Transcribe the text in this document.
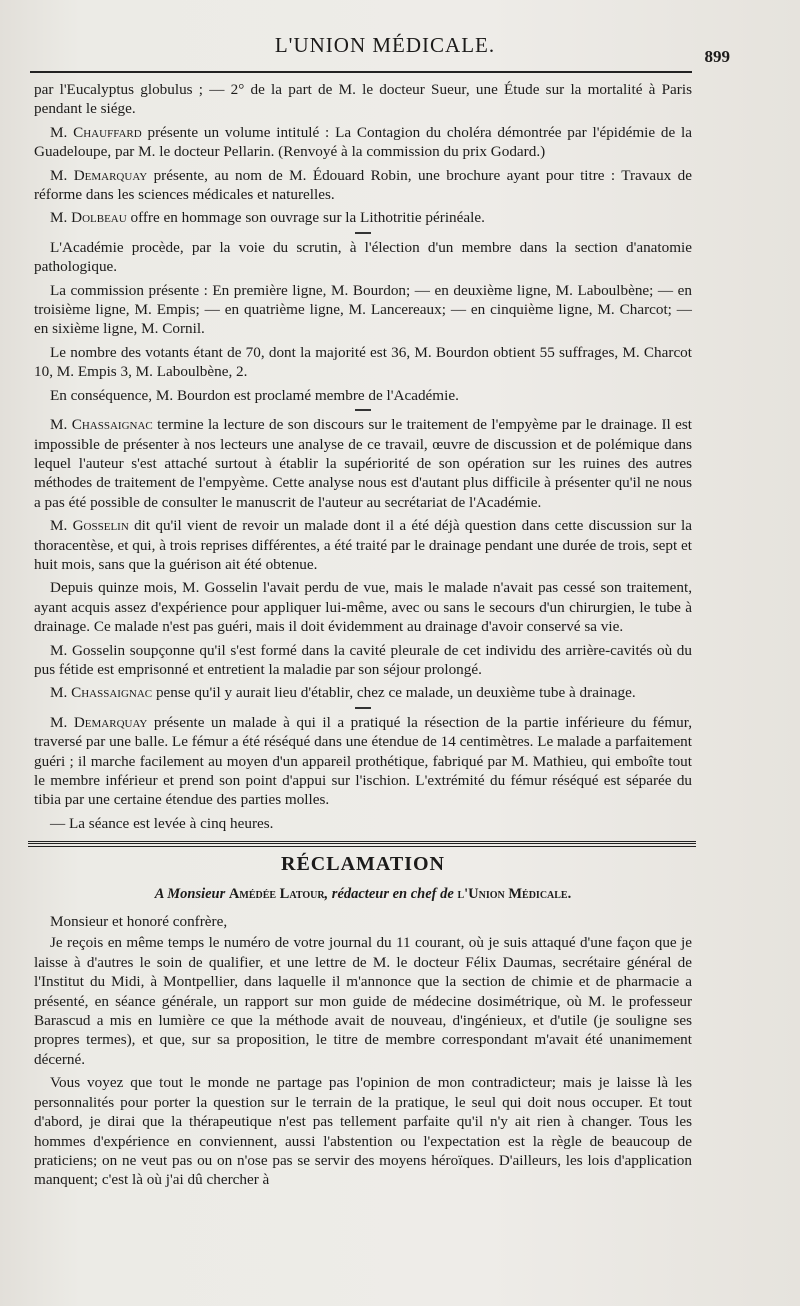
L'UNION MÉDICALE.	899

par l'Eucalyptus globulus ; — 2° de la part de M. le docteur Sueur, une Étude sur la mortalité à Paris pendant le siége.

M. Chauffard présente un volume intitulé : La Contagion du choléra démontrée par l'épidémie de la Guadeloupe, par M. le docteur Pellarin. (Renvoyé à la commission du prix Godard.)

M. Demarquay présente, au nom de M. Édouard Robin, une brochure ayant pour titre : Travaux de réforme dans les sciences médicales et naturelles.

M. Dolbeau offre en hommage son ouvrage sur la Lithotritie périnéale.

L'Académie procède, par la voie du scrutin, à l'élection d'un membre dans la section d'anatomie pathologique.

La commission présente : En première ligne, M. Bourdon; — en deuxième ligne, M. Laboulbène; — en troisième ligne, M. Empis; — en quatrième ligne, M. Lancereaux; — en cinquième ligne, M. Charcot; — en sixième ligne, M. Cornil.

Le nombre des votants étant de 70, dont la majorité est 36, M. Bourdon obtient 55 suffrages, M. Charcot 10, M. Empis 3, M. Laboulbène, 2.

En conséquence, M. Bourdon est proclamé membre de l'Académie.

M. Chassaignac termine la lecture de son discours sur le traitement de l'empyème par le drainage. Il est impossible de présenter à nos lecteurs une analyse de ce travail, œuvre de discussion et de polémique dans lequel l'auteur s'est attaché surtout à établir la supériorité de son opération sur les ruines des autres méthodes de traitement de l'empyème. Cette analyse nous est d'autant plus difficile à présenter qu'il ne nous a pas été possible de consulter le manuscrit de l'auteur au secrétariat de l'Académie.

M. Gosselin dit qu'il vient de revoir un malade dont il a été déjà question dans cette discussion sur la thoracentèse, et qui, à trois reprises différentes, a été traité par le drainage pendant une durée de trois, sept et huit mois, sans que la guérison ait été obtenue.

Depuis quinze mois, M. Gosselin l'avait perdu de vue, mais le malade n'avait pas cessé son traitement, ayant acquis assez d'expérience pour appliquer lui-même, avec ou sans le secours d'un chirurgien, le tube à drainage. Ce malade n'est pas guéri, mais il doit évidemment au drainage d'avoir conservé sa vie.

M. Gosselin soupçonne qu'il s'est formé dans la cavité pleurale de cet individu des arrière-cavités où du pus fétide est emprisonné et entretient la maladie par son séjour prolongé.

M. Chassaignac pense qu'il y aurait lieu d'établir, chez ce malade, un deuxième tube à drainage.

M. Demarquay présente un malade à qui il a pratiqué la résection de la partie inférieure du fémur, traversé par une balle. Le fémur a été réséqué dans une étendue de 14 centimètres. Le malade a parfaitement guéri ; il marche facilement au moyen d'un appareil prothétique, fabriqué par M. Mathieu, qui emboîte tout le membre inférieur et prend son point d'appui sur l'ischion. L'extrémité du fémur réséqué est séparée du tibia par une certaine étendue des parties molles.

— La séance est levée à cinq heures.

RÉCLAMATION
A Monsieur Amédée Latour, rédacteur en chef de l'Union Médicale.

Monsieur et honoré confrère,

Je reçois en même temps le numéro de votre journal du 11 courant, où je suis attaqué d'une façon que je laisse à d'autres le soin de qualifier, et une lettre de M. le docteur Félix Daumas, secrétaire général de l'Institut du Midi, à Montpellier, dans laquelle il m'annonce que la section de chimie et de pharmacie a présenté, en séance générale, un rapport sur mon guide de médecine dosimétrique, où M. le professeur Barascud a mis en lumière ce que la méthode avait de nouveau, d'ingénieux, et d'utile (je souligne ses propres termes), et que, sur sa proposition, le titre de membre correspondant m'avait été unanimement décerné.

Vous voyez que tout le monde ne partage pas l'opinion de mon contradicteur; mais je laisse là les personnalités pour porter la question sur le terrain de la pratique, le seul qui doit nous occuper. Et tout d'abord, je dirai que la thérapeutique n'est pas tellement parfaite qu'il n'y ait rien à changer. Tous les hommes d'expérience en conviennent, aussi l'abstention ou l'expectation est la règle de beaucoup de praticiens; on ne veut pas ou on n'ose pas se servir des moyens héroïques. D'ailleurs, les lois d'application manquent; c'est là où j'ai dû chercher à
